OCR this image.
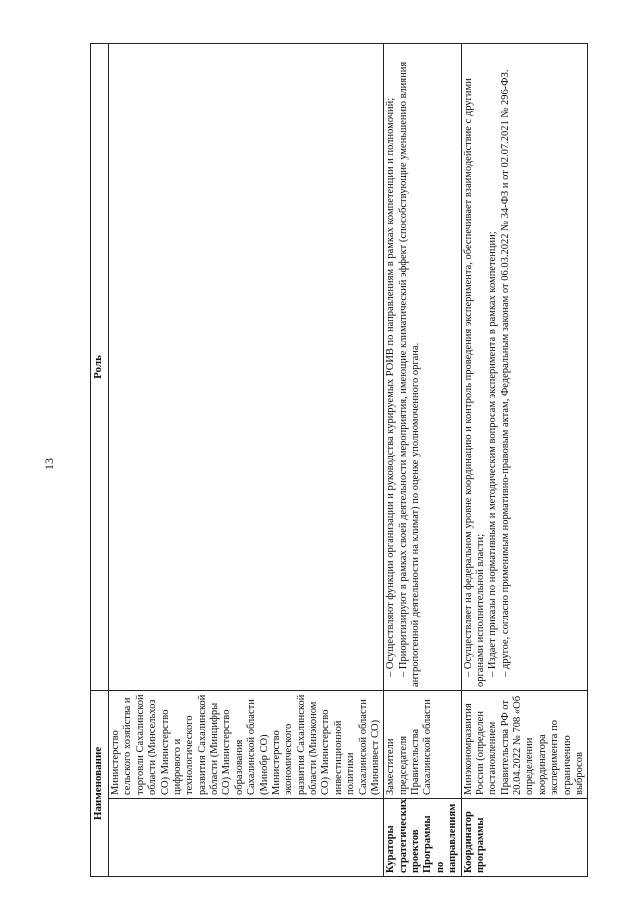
13
Наименование		Роль
	Министерство сельского хозяйства и торговли Сахалинской области (Минсельхоз СО) Министерство цифрового и технологического развития Сахалинской области (Минцифры СО) Министерство образования Сахалинской области (Минобр СО) Министерство экономического развития Сахалинской области (Минэконом СО) Министерство инвестиционной политики Сахалинской области (Мининвест СО)	
Кураторы стратегических проектов Программы по направлениям	Заместители председателя Правительства Сахалинской области	– Осуществляют функции организации и руководства курируемых РОИВ по направлениям в рамках компетенции и полномочий; – Приоритизируют в рамках своей деятельности мероприятия, имеющие климатический эффект (способствующие уменьшению влияния антропогенной деятельности на климат) по оценке уполномоченного органа.

Координатор программы	Минэкономразвития России (определен постановлением Правительства РФ от 20.04.2022 № 708 «Об определении координатора эксперимента по ограничению выбросов	– Осуществляет на федеральном уровне координацию и контроль проведения эксперимента, обеспечивает взаимодействие с другими органами исполнительной власти; – Издает приказы по нормативным и методическим вопросам эксперимента в рамках компетенции; – другое, согласно применимым нормативно-правовым актам, Федеральным законам от 06.03.2022 № 34-ФЗ и от 02.07.2021 № 296-ФЗ.
